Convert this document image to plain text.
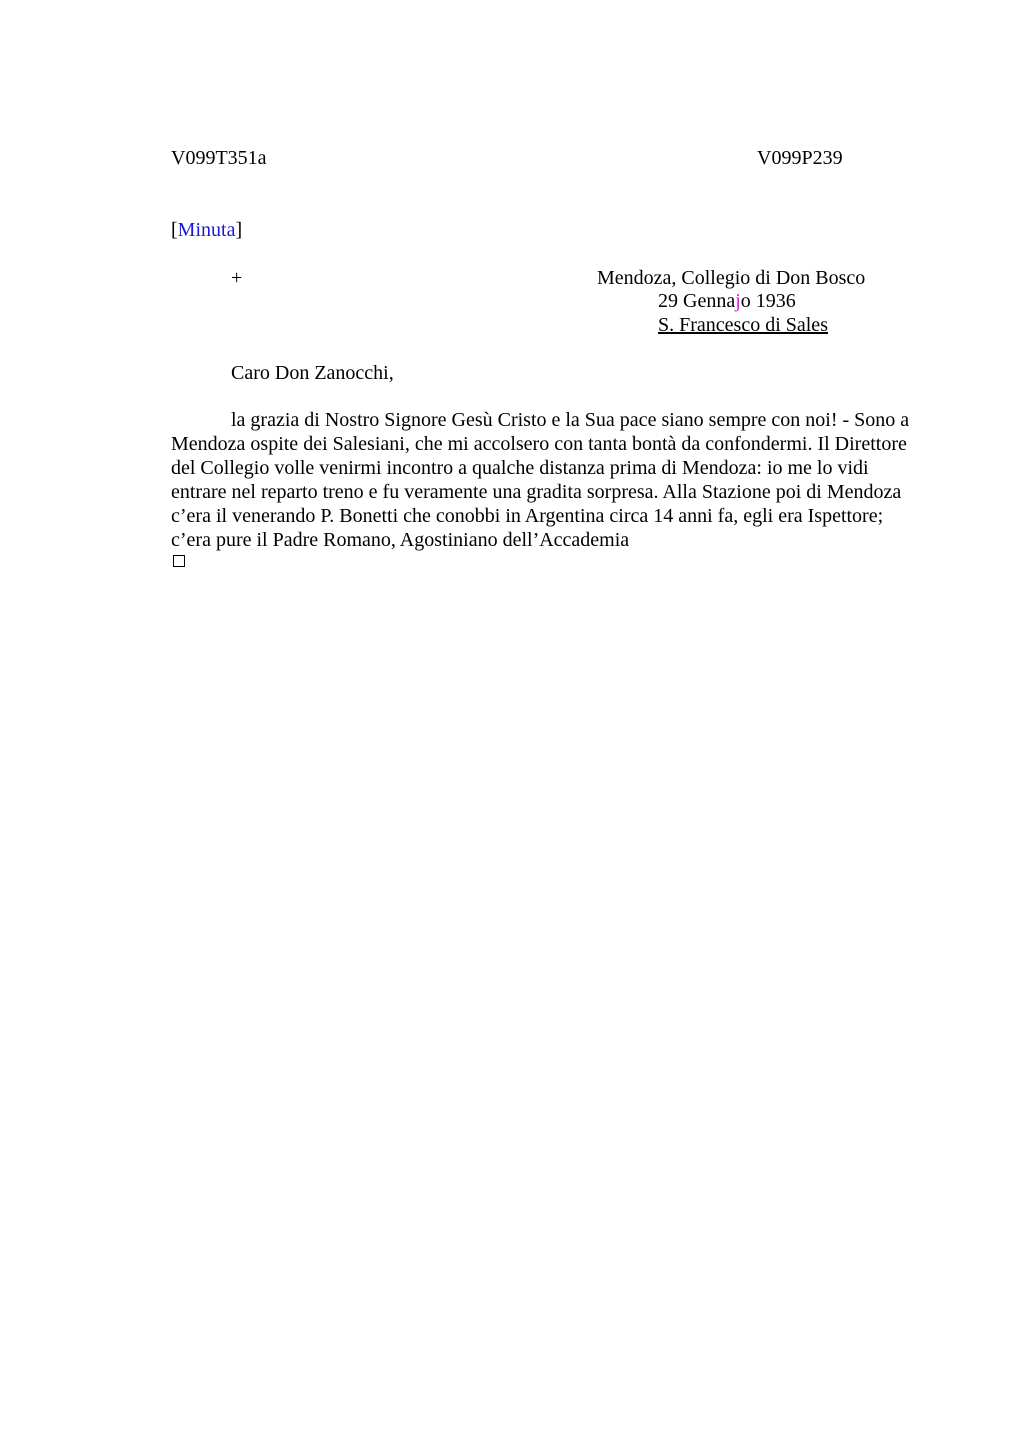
V099T351a	V099P239
[Minuta]
+	Mendoza, Collegio di Don Bosco
29 Gennajo 1936
S. Francesco di Sales
Caro Don Zanocchi,
la grazia di Nostro Signore Gesù Cristo e la Sua pace siano sempre con noi! - Sono a Mendoza ospite dei Salesiani, che mi accolsero con tanta bontà da confondermi. Il Direttore del Collegio volle venirmi incontro a qualche distanza prima di Mendoza: io me lo vidi entrare nel reparto treno e fu veramente una gradita sorpresa. Alla Stazione poi di Mendoza c’era il venerando P. Bonetti che conobbi in Argentina circa 14 anni fa, egli era Ispettore; c’era pure il Padre Romano, Agostiniano dell’Accademia
